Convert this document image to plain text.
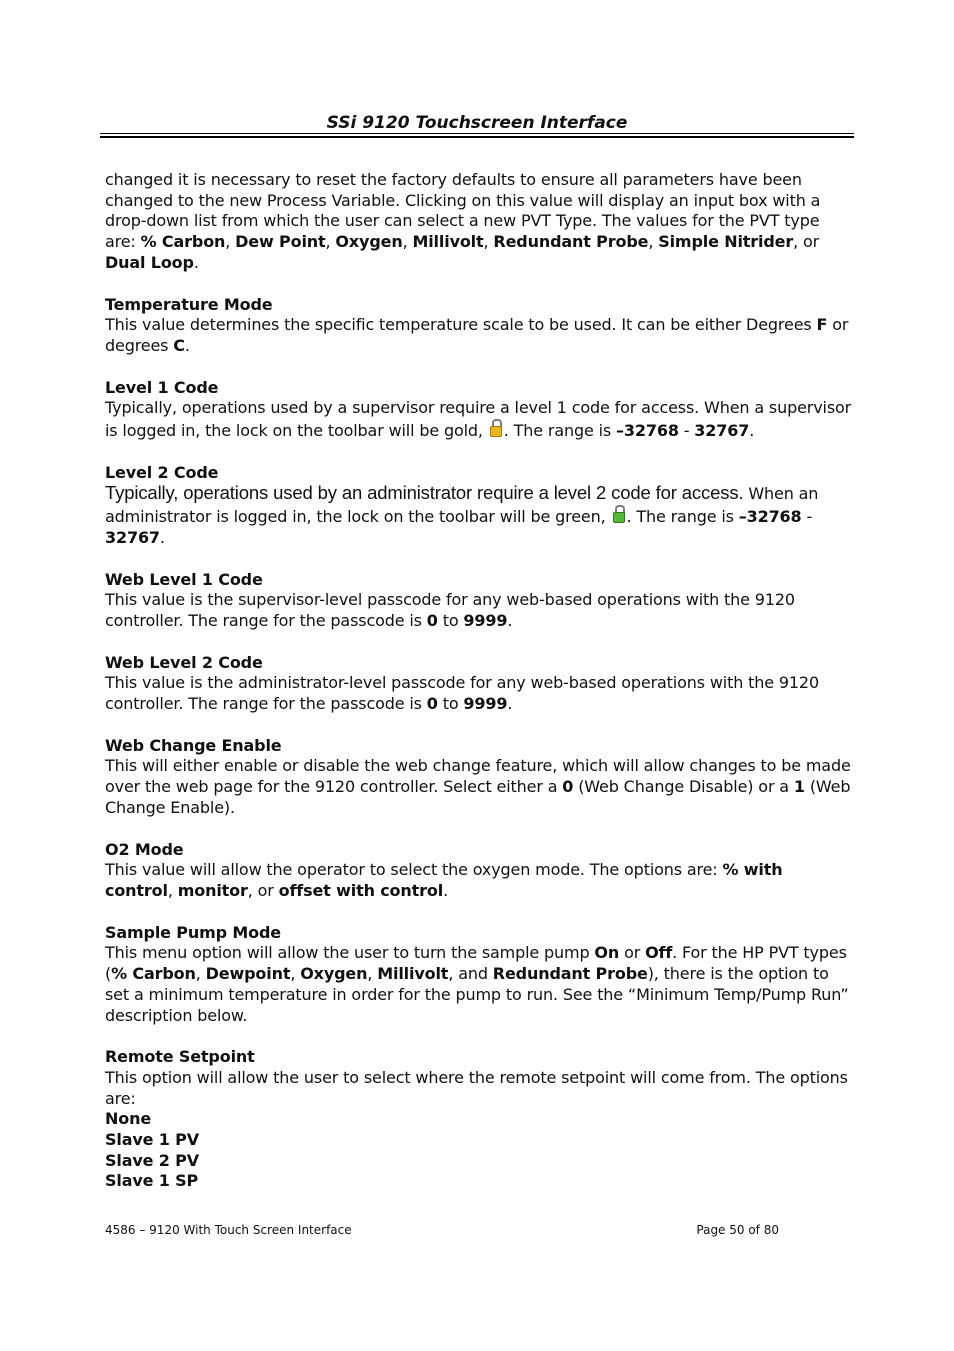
SSi 9120 Touchscreen Interface

changed it is necessary to reset the factory defaults to ensure all parameters have been changed to the new Process Variable. Clicking on this value will display an input box with a drop-down list from which the user can select a new PVT Type. The values for the PVT type are: % Carbon, Dew Point, Oxygen, Millivolt, Redundant Probe, Simple Nitrider, or Dual Loop.

Temperature Mode

This value determines the specific temperature scale to be used. It can be either Degrees F or degrees C.

Level 1 Code

Typically, operations used by a supervisor require a level 1 code for access. When a supervisor is logged in, the lock on the toolbar will be gold,
. The range is –32768 - 32767.

Level 2 Code

Typically, operations used by an administrator require a level 2 code for access. When an administrator is logged in, the lock on the toolbar will be green,
. The range is –32768 - 32767.

Web Level 1 Code

This value is the supervisor-level passcode for any web-based operations with the 9120 controller. The range for the passcode is 0 to 9999.

Web Level 2 Code

This value is the administrator-level passcode for any web-based operations with the 9120 controller. The range for the passcode is 0 to 9999.

Web Change Enable

This will either enable or disable the web change feature, which will allow changes to be made over the web page for the 9120 controller. Select either a 0 (Web Change Disable) or a 1 (Web Change Enable).

O2 Mode

This value will allow the operator to select the oxygen mode. The options are: % with control, monitor, or offset with control.

Sample Pump Mode

This menu option will allow the user to turn the sample pump On or Off. For the HP PVT types (% Carbon, Dewpoint, Oxygen, Millivolt, and Redundant Probe), there is the option to set a minimum temperature in order for the pump to run. See the “Minimum Temp/Pump Run” description below.

Remote Setpoint

This option will allow the user to select where the remote setpoint will come from. The options are:

None

Slave 1 PV

Slave 2 PV

Slave 1 SP

4586 – 9120 With Touch Screen Interface	Page 50 of 80
